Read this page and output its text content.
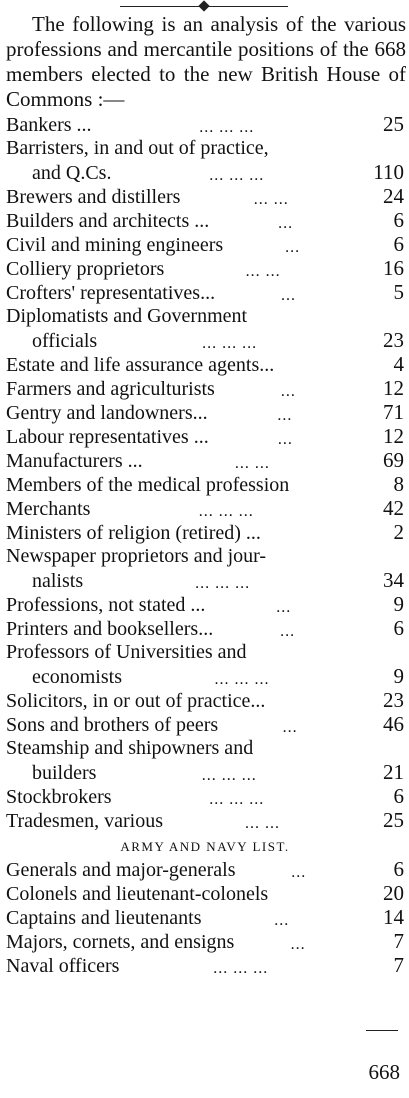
The following is an analysis of the various professions and mercantile positions of the 668 members elected to the new British House of Commons :—
Bankers ...	... ... ...	25
Barristers, in and out of practice,
and Q.Cs.	... ... ...	110
Brewers and distillers	... ...	24
Builders and architects ...	...	6
Civil and mining engineers	...	6
Colliery proprietors	... ...	16
Crofters' representatives...	...	5
Diplomatists and Government
officials	... ... ...	23
Estate and life assurance agents...	4
Farmers and agriculturists	...	12
Gentry and landowners...	...	71
Labour representatives ...	...	12
Manufacturers ...	... ...	69
Members of the medical profession	8
Merchants	... ... ...	42
Ministers of religion (retired) ...	2
Newspaper proprietors and jour-
nalists	... ... ...	34
Professions, not stated ...	...	9
Printers and booksellers...	...	6
Professors of Universities and
economists	... ... ...	9
Solicitors, in or out of practice...	23
Sons and brothers of peers	...	46
Steamship and shipowners and
builders	... ... ...	21
Stockbrokers	... ... ...	6
Tradesmen, various	... ...	25
ARMY AND NAVY LIST.
Generals and major-generals	...	6
Colonels and lieutenant-colonels	20
Captains and lieutenants	...	14
Majors, cornets, and ensigns	...	7
Naval officers	... ... ...	7
668
